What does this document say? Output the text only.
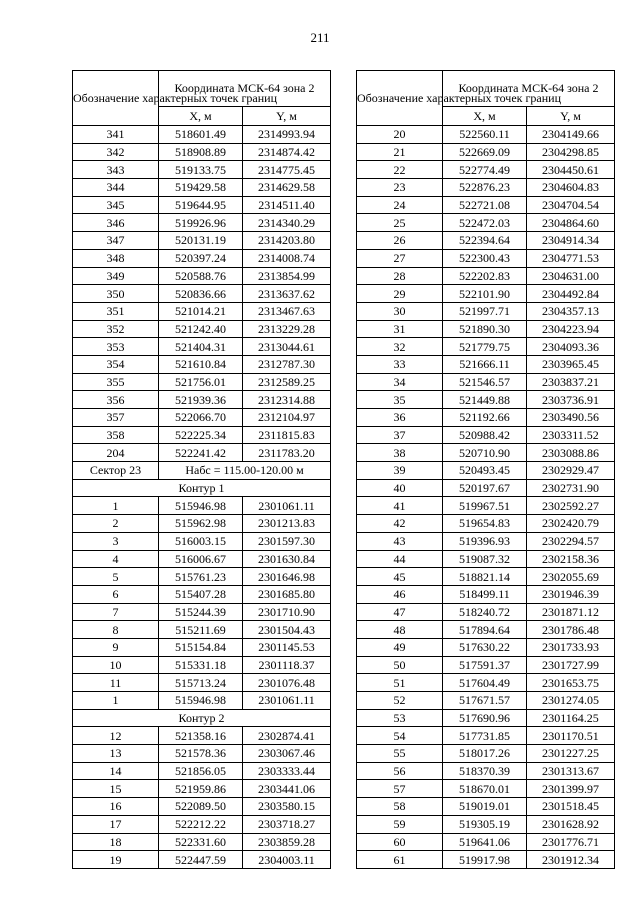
211
Обозначение характерных точек границ	Координата МСК-64 зона 2	
	X, м	Y, м
341	518601.49	2314993.94
342	518908.89	2314874.42
343	519133.75	2314775.45
344	519429.58	2314629.58
345	519644.95	2314511.40
346	519926.96	2314340.29
347	520131.19	2314203.80
348	520397.24	2314008.74
349	520588.76	2313854.99
350	520836.66	2313637.62
351	521014.21	2313467.63
352	521242.40	2313229.28
353	521404.31	2313044.61
354	521610.84	2312787.30
355	521756.01	2312589.25
356	521939.36	2312314.88
357	522066.70	2312104.97
358	522225.34	2311815.83
204	522241.42	2311783.20
Сектор 23	Набс = 115.00-120.00 м	
Контур 1		
1	515946.98	2301061.11
2	515962.98	2301213.83
3	516003.15	2301597.30
4	516006.67	2301630.84
5	515761.23	2301646.98
6	515407.28	2301685.80
7	515244.39	2301710.90
8	515211.69	2301504.43
9	515154.84	2301145.53
10	515331.18	2301118.37
11	515713.24	2301076.48
1	515946.98	2301061.11
Контур 2		
12	521358.16	2302874.41
13	521578.36	2303067.46
14	521856.05	2303333.44
15	521959.86	2303441.06
16	522089.50	2303580.15
17	522212.22	2303718.27
18	522331.60	2303859.28
19	522447.59	2304003.11
Обозначение характерных точек границ	Координата МСК-64 зона 2	
	X, м	Y, м
20	522560.11	2304149.66
21	522669.09	2304298.85
22	522774.49	2304450.61
23	522876.23	2304604.83
24	522721.08	2304704.54
25	522472.03	2304864.60
26	522394.64	2304914.34
27	522300.43	2304771.53
28	522202.83	2304631.00
29	522101.90	2304492.84
30	521997.71	2304357.13
31	521890.30	2304223.94
32	521779.75	2304093.36
33	521666.11	2303965.45
34	521546.57	2303837.21
35	521449.88	2303736.91
36	521192.66	2303490.56
37	520988.42	2303311.52
38	520710.90	2303088.86
39	520493.45	2302929.47
40	520197.67	2302731.90
41	519967.51	2302592.27
42	519654.83	2302420.79
43	519396.93	2302294.57
44	519087.32	2302158.36
45	518821.14	2302055.69
46	518499.11	2301946.39
47	518240.72	2301871.12
48	517894.64	2301786.48
49	517630.22	2301733.93
50	517591.37	2301727.99
51	517604.49	2301653.75
52	517671.57	2301274.05
53	517690.96	2301164.25
54	517731.85	2301170.51
55	518017.26	2301227.25
56	518370.39	2301313.67
57	518670.01	2301399.97
58	519019.01	2301518.45
59	519305.19	2301628.92
60	519641.06	2301776.71
61	519917.98	2301912.34
